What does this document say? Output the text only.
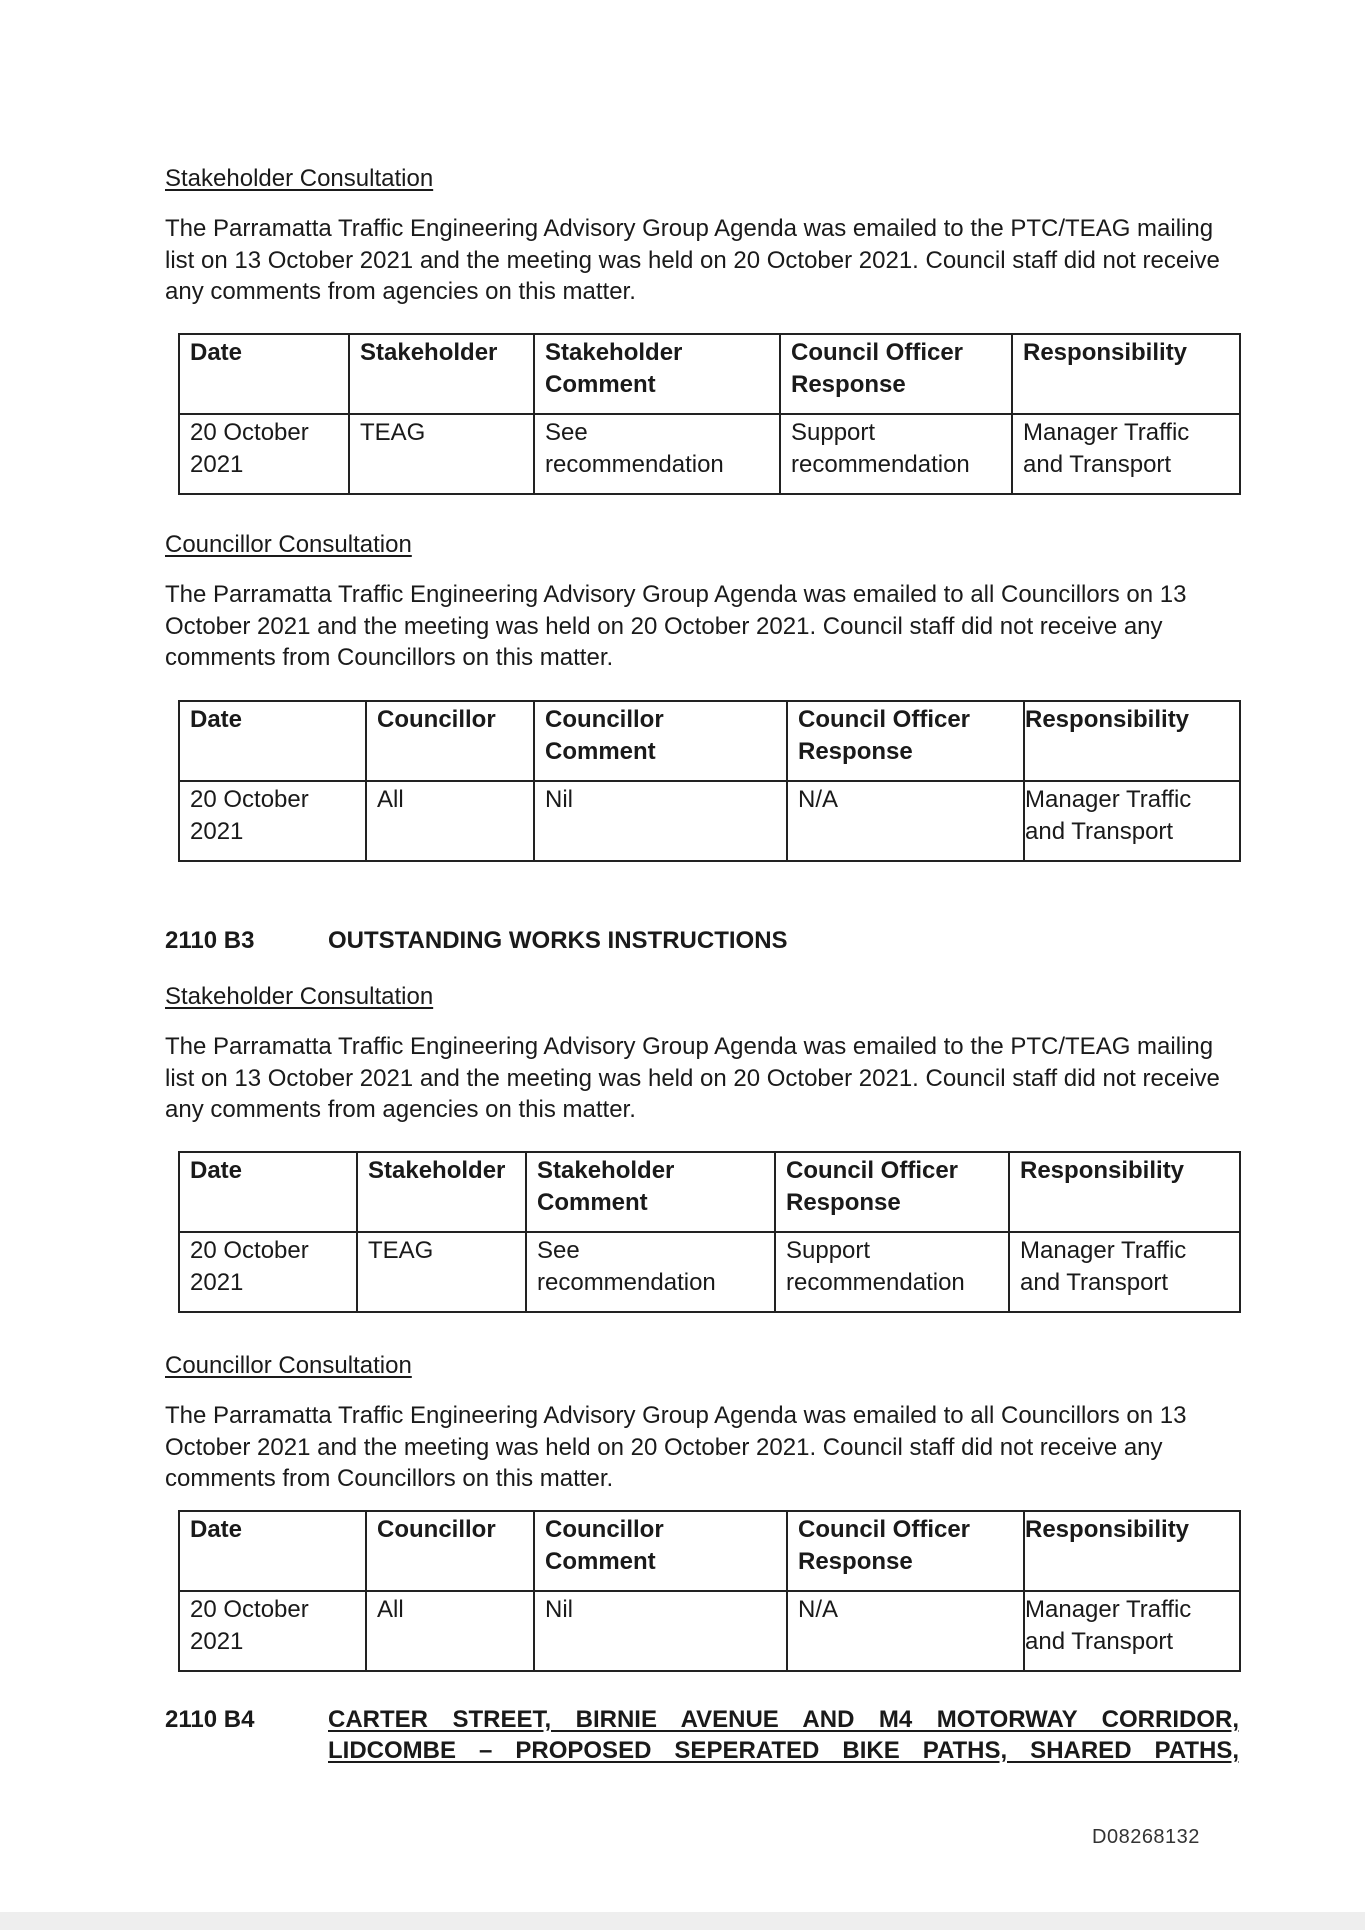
Stakeholder Consultation
The Parramatta Traffic Engineering Advisory Group Agenda was emailed to the PTC/TEAG mailing list on 13 October 2021 and the meeting was held on 20 October 2021. Council staff did not receive any comments from agencies on this matter.
Date	Stakeholder	Stakeholder Comment	Council Officer Response	Responsibility
20 October 2021	TEAG	See recommendation	Support recommendation	Manager Traffic and Transport
Councillor Consultation
The Parramatta Traffic Engineering Advisory Group Agenda was emailed to all Councillors on 13 October 2021 and the meeting was held on 20 October 2021. Council staff did not receive any comments from Councillors on this matter.
Date	Councillor	Councillor Comment	Council Officer Response	Responsibility
20 October 2021	All	Nil	N/A	Manager Traffic and Transport
2110 B3	OUTSTANDING WORKS INSTRUCTIONS
Stakeholder Consultation
The Parramatta Traffic Engineering Advisory Group Agenda was emailed to the PTC/TEAG mailing list on 13 October 2021 and the meeting was held on 20 October 2021. Council staff did not receive any comments from agencies on this matter.
Date	Stakeholder	Stakeholder Comment	Council Officer Response	Responsibility
20 October 2021	TEAG	See recommendation	Support recommendation	Manager Traffic and Transport
Councillor Consultation
The Parramatta Traffic Engineering Advisory Group Agenda was emailed to all Councillors on 13 October 2021 and the meeting was held on 20 October 2021. Council staff did not receive any comments from Councillors on this matter.
Date	Councillor	Councillor Comment	Council Officer Response	Responsibility
20 October 2021	All	Nil	N/A	Manager Traffic and Transport
2110 B4	CARTER STREET, BIRNIE AVENUE AND M4 MOTORWAY CORRIDOR, LIDCOMBE – PROPOSED SEPERATED BIKE PATHS, SHARED PATHS,
D08268132
